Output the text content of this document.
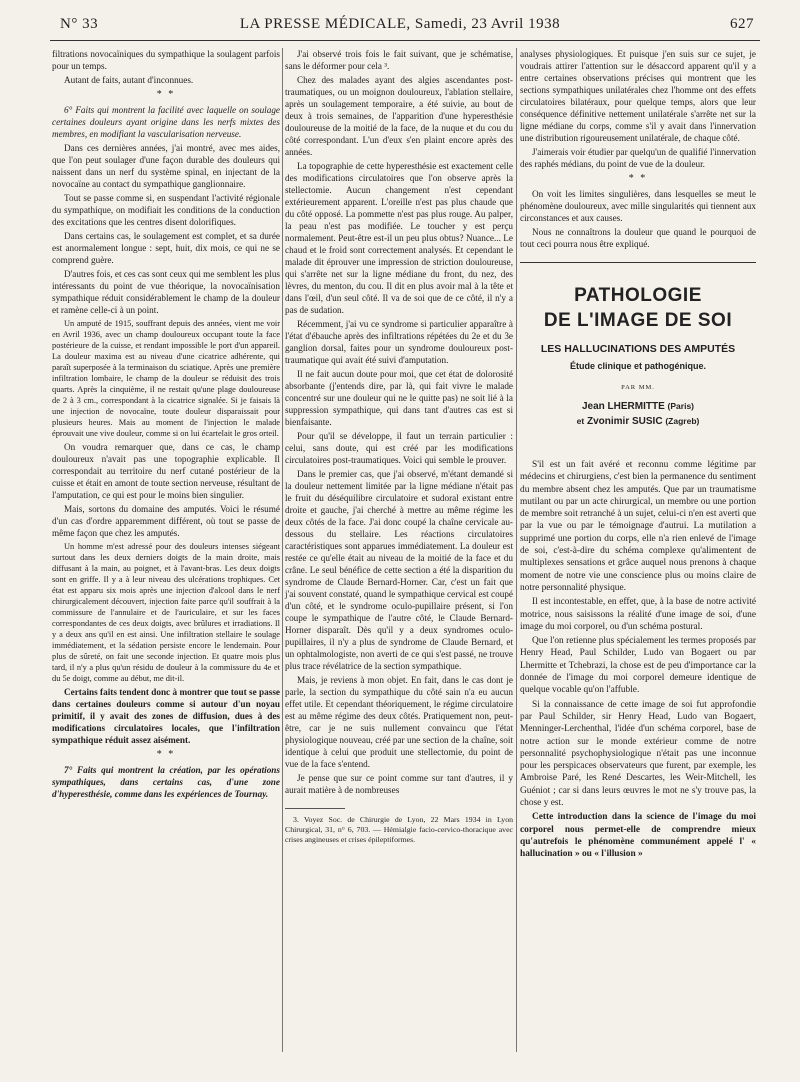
N° 33	LA PRESSE MÉDICALE, Samedi, 23 Avril 1938	627

filtrations novocaïniques du sympathique la soulagent parfois pour un temps.

Autant de faits, autant d'inconnues.

* *

6° Faits qui montrent la facilité avec laquelle on soulage certaines douleurs ayant origine dans les nerfs mixtes des membres, en modifiant la vascularisation nerveuse.

Dans ces dernières années, j'ai montré, avec mes aides, que l'on peut soulager d'une façon durable des douleurs qui naissent dans un nerf du système spinal, en injectant de la novocaïne au contact du sympathique ganglionnaire.

Tout se passe comme si, en suspendant l'activité régionale du sympathique, on modifiait les conditions de la conduction des excitations que les centres disent dolorifiques.

Dans certains cas, le soulagement est complet, et sa durée est anormalement longue : sept, huit, dix mois, ce qui ne se comprend guère.

D'autres fois, et ces cas sont ceux qui me semblent les plus intéressants du point de vue théorique, la novocaïnisation sympathique réduit considérablement le champ de la douleur et ramène celle-ci à un point.

Un amputé de 1915, souffrant depuis des années, vient me voir en Avril 1936, avec un champ douloureux occupant toute la face postérieure de la cuisse, et rendant impossible le port d'un appareil. La douleur maxima est au niveau d'une cicatrice adhérente, qui paraît superposée à la terminaison du sciatique. Après une première infiltration lombaire, le champ de la douleur se réduisit des trois quarts. Après la cinquième, il ne restait qu'une plage douloureuse de 2 à 3 cm., correspondant à la cicatrice signalée. Si je faisais là une injection de novocaïne, toute douleur disparaissait pour plusieurs heures. Mais au moment de l'injection le malade éprouvait une vive douleur, comme si on lui écartelait le gros orteil.

On voudra remarquer que, dans ce cas, le champ douloureux n'avait pas une topographie explicable. Il correspondait au territoire du nerf cutané postérieur de la cuisse et était en amont de toute section nerveuse, résultant de l'amputation, ce qui est pour le moins bien singulier.

Mais, sortons du domaine des amputés. Voici le résumé d'un cas d'ordre apparemment différent, où tout se passe de même façon que chez les amputés.

Un homme m'est adressé pour des douleurs intenses siégeant surtout dans les deux derniers doigts de la main droite, mais diffusant à la main, au poignet, et à l'avant-bras. Les deux doigts sont en griffe. Il y a à leur niveau des ulcérations trophiques. Cet état est apparu six mois après une injection d'alcool dans le nerf chirurgicalement découvert, injection faite parce qu'il souffrait à la commissure de l'annulaire et de l'auriculaire, et sur les faces correspondantes de ces deux doigts, avec brûlures et irradiations. Il y a deux ans qu'il en est ainsi. Une infiltration stellaire le soulage immédiatement, et la sédation persiste encore le lendemain. Pour plus de sûreté, on fait une seconde injection. Et quatre mois plus tard, il n'y a plus qu'un résidu de douleur à la commissure du 4e et du 5e doigt, comme au début, me dit-il.

Certains faits tendent donc à montrer que tout se passe dans certaines douleurs comme si autour d'un noyau primitif, il y avait des zones de diffusion, dues à des modifications circulatoires locales, que l'infiltration sympathique réduit assez aisément.

* *

7° Faits qui montrent la création, par les opérations sympathiques, dans certains cas, d'une zone d'hyperesthésie, comme dans les expériences de Tournay.

J'ai observé trois fois le fait suivant, que je schématise, sans le déformer pour cela ³.

Chez des malades ayant des algies ascendantes post-traumatiques, ou un moignon douloureux, l'ablation stellaire, après un soulagement temporaire, a été suivie, au bout de deux à trois semaines, de l'apparition d'une hyperesthésie douloureuse de la moitié de la face, de la nuque et du cou du côté correspondant. L'un d'eux s'en plaint encore après des années.

La topographie de cette hyperesthésie est exactement celle des modifications circulatoires que l'on observe après la stellectomie. Aucun changement n'est cependant extérieurement apparent. L'oreille n'est pas plus chaude que du côté opposé. La pommette n'est pas plus rouge. Au palper, la peau n'est pas modifiée. Le toucher y est perçu normalement. Peut-être est-il un peu plus obtus? Nuance... Le chaud et le froid sont correctement analysés. Et cependant le malade dit éprouver une impression de striction douloureuse, qui s'arrête net sur la ligne médiane du front, du nez, des lèvres, du menton, du cou. Il dit en plus avoir mal à la tête et dans l'œil, d'un seul côté. Il va de soi que de ce côté, il n'y a pas de sudation.

Récemment, j'ai vu ce syndrome si particulier apparaître à l'état d'ébauche après des infiltrations répétées du 2e et du 3e ganglion dorsal, faites pour un syndrome douloureux post-traumatique qui avait été suivi d'amputation.

Il ne fait aucun doute pour moi, que cet état de dolorosité absorbante (j'entends dire, par là, qui fait vivre le malade concentré sur une douleur qui ne le quitte pas) ne soit lié à la suppression sympathique, qui dans tant d'autres cas est si bienfaisante.

Pour qu'il se développe, il faut un terrain particulier : celui, sans doute, qui est créé par les modifications circulatoires post-traumatiques. Voici qui semble le prouver.

Dans le premier cas, que j'ai observé, m'étant demandé si la douleur nettement limitée par la ligne médiane n'était pas le fruit du déséquilibre circulatoire et sudoral existant entre droite et gauche, j'ai cherché à mettre au même régime les deux côtés de la face. J'ai donc coupé la chaîne cervicale au-dessous du stellaire. Les réactions circulatoires caractéristiques sont apparues immédiatement. La douleur est restée ce qu'elle était au niveau de la moitié de la face et du crâne. Le seul bénéfice de cette section a été la disparition du syndrome de Claude Bernard-Horner. Car, c'est un fait que j'ai souvent constaté, quand le sympathique cervical est coupé d'un côté, et le syndrome oculo-pupillaire présent, si l'on coupe le sympathique de l'autre côté, le Claude Bernard-Horner disparaît. Dès qu'il y a deux syndromes oculo-pupillaires, il n'y a plus de syndrome de Claude Bernard, et un ophtalmologiste, non averti de ce qui s'est passé, ne trouve plus trace révélatrice de la section sympathique.

Mais, je reviens à mon objet. En fait, dans le cas dont je parle, la section du sympathique du côté sain n'a eu aucun effet utile. Et cependant théoriquement, le régime circulatoire est au même régime des deux côtés. Pratiquement non, peut-être, car je ne suis nullement convaincu que l'état physiologique nouveau, créé par une section de la chaîne, soit identique à celui que produit une stellectomie, du point de vue de la face s'entend.

Je pense que sur ce point comme sur tant d'autres, il y aurait matière à de nombreuses

3. Voyez Soc. de Chirurgie de Lyon, 22 Mars 1934 in Lyon Chirurgical, 31, n° 6, 703. — Hémialgie facio-cervico-thoracique avec crises angineuses et crises épileptiformes.

analyses physiologiques. Et puisque j'en suis sur ce sujet, je voudrais attirer l'attention sur le désaccord apparent qu'il y a entre certaines observations précises qui montrent que les sections sympathiques unilatérales chez l'homme ont des effets circulatoires bilatéraux, pour quelque temps, alors que leur conséquence définitive nettement unilatérale s'arrête net sur la ligne médiane du corps, comme s'il y avait dans l'innervation une distribution rigoureusement unilatérale, de chaque côté.

J'aimerais voir étudier par quelqu'un de qualifié l'innervation des raphés médians, du point de vue de la douleur.

* *

On voit les limites singulières, dans lesquelles se meut le phénomène douloureux, avec mille singularités qui tiennent aux circonstances et aux causes.

Nous ne connaîtrons la douleur que quand le pourquoi de tout ceci pourra nous être expliqué.

PATHOLOGIE
DE L'IMAGE DE SOI
LES HALLUCINATIONS DES AMPUTÉS
Étude clinique et pathogénique.
PAR MM.
Jean LHERMITTE (Paris)
et Zvonimir SUSIC (Zagreb)

S'il est un fait avéré et reconnu comme légitime par médecins et chirurgiens, c'est bien la permanence du sentiment du membre absent chez les amputés. Que par un traumatisme mutilant ou par un acte chirurgical, un membre ou une portion de membre soit retranché à un sujet, celui-ci n'en est averti que par la vue ou par le témoignage d'autrui. La mutilation a supprimé une portion du corps, elle n'a rien enlevé de l'image de soi, c'est-à-dire du schéma complexe qu'alimentent de multiplexes sensations et grâce auquel nous prenons à chaque moment de notre vie une conscience plus ou moins claire de notre personnalité physique.

Il est incontestable, en effet, que, à la base de notre activité motrice, nous saisissons la réalité d'une image de soi, d'une image du moi corporel, ou d'un schéma postural.

Que l'on retienne plus spécialement les termes proposés par Henry Head, Paul Schilder, Ludo van Bogaert ou par Lhermitte et Tchebrazi, la chose est de peu d'importance car la donnée de l'image du moi corporel demeure identique de quelque vocable qu'on l'affuble.

Si la connaissance de cette image de soi fut approfondie par Paul Schilder, sir Henry Head, Ludo van Bogaert, Menninger-Lerchenthal, l'idée d'un schéma corporel, base de notre action sur le monde extérieur comme de notre personnalité psychophysiologique n'était pas une inconnue pour les perspicaces observateurs que furent, par exemple, les Ambroise Paré, les René Descartes, les Weir-Mitchell, les Guéniot ; car si dans leurs œuvres le mot ne s'y trouve pas, la chose y est.

Cette introduction dans la science de l'image du moi corporel nous permet-elle de comprendre mieux qu'autrefois le phénomène communément appelé l' « hallucination » ou « l'illusion »
